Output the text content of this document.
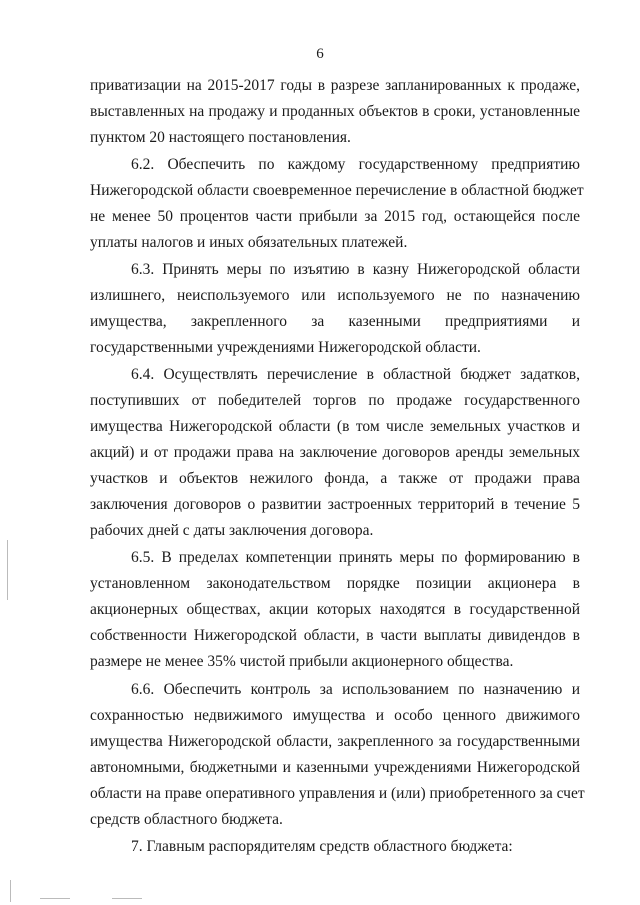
6
приватизации на 2015-2017 годы в разрезе запланированных к продаже,
выставленных на продажу и проданных объектов в сроки, установленные
пунктом 20 настоящего постановления.
6.2. Обеспечить по каждому государственному предприятию
Нижегородской области своевременное перечисление в областной бюджет
не менее 50 процентов части прибыли за 2015 год, остающейся после
уплаты налогов и иных обязательных платежей.
6.3. Принять меры по изъятию в казну Нижегородской области
излишнего, неиспользуемого или используемого не по назначению
имущества, закрепленного за казенными предприятиями и
государственными учреждениями Нижегородской области.
6.4. Осуществлять перечисление в областной бюджет задатков,
поступивших от победителей торгов по продаже государственного
имущества Нижегородской области (в том числе земельных участков и
акций) и от продажи права на заключение договоров аренды земельных
участков и объектов нежилого фонда, а также от продажи права
заключения договоров о развитии застроенных территорий в течение 5
рабочих дней с даты заключения договора.
6.5. В пределах компетенции принять меры по формированию в
установленном законодательством порядке позиции акционера в
акционерных обществах, акции которых находятся в государственной
собственности Нижегородской области, в части выплаты дивидендов в
размере не менее 35% чистой прибыли акционерного общества.
6.6. Обеспечить контроль за использованием по назначению и
сохранностью недвижимого имущества и особо ценного движимого
имущества Нижегородской области, закрепленного за государственными
автономными, бюджетными и казенными учреждениями Нижегородской
области на праве оперативного управления и (или) приобретенного за счет
средств областного бюджета.
7. Главным распорядителям средств областного бюджета:
